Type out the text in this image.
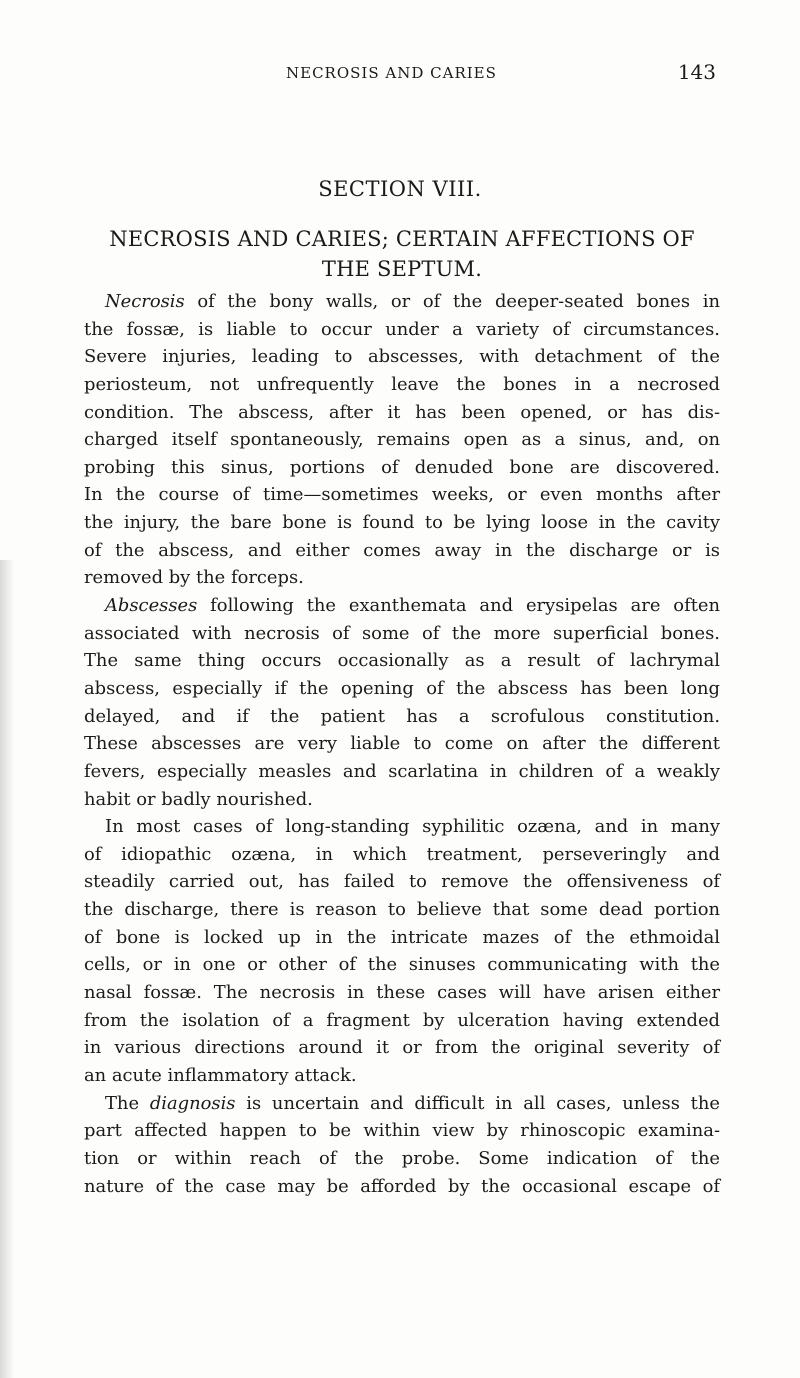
NECROSIS AND CARIES	143
SECTION VIII.
NECROSIS AND CARIES; CERTAIN AFFECTIONS OF
THE SEPTUM.
Necrosis of the bony walls, or of the deeper-seated bones in
the fossæ, is liable to occur under a variety of circumstances.
Severe injuries, leading to abscesses, with detachment of the
periosteum, not unfrequently leave the bones in a necrosed
condition. The abscess, after it has been opened, or has dis-
charged itself spontaneously, remains open as a sinus, and, on
probing this sinus, portions of denuded bone are discovered.
In the course of time—sometimes weeks, or even months after
the injury, the bare bone is found to be lying loose in the cavity
of the abscess, and either comes away in the discharge or is
removed by the forceps.
Abscesses following the exanthemata and erysipelas are often
associated with necrosis of some of the more superficial bones.
The same thing occurs occasionally as a result of lachrymal
abscess, especially if the opening of the abscess has been long
delayed, and if the patient has a scrofulous constitution.
These abscesses are very liable to come on after the different
fevers, especially measles and scarlatina in children of a weakly
habit or badly nourished.
In most cases of long-standing syphilitic ozæna, and in many
of idiopathic ozæna, in which treatment, perseveringly and
steadily carried out, has failed to remove the offensiveness of
the discharge, there is reason to believe that some dead portion
of bone is locked up in the intricate mazes of the ethmoidal
cells, or in one or other of the sinuses communicating with the
nasal fossæ. The necrosis in these cases will have arisen either
from the isolation of a fragment by ulceration having extended
in various directions around it or from the original severity of
an acute inflammatory attack.
The diagnosis is uncertain and difficult in all cases, unless the
part affected happen to be within view by rhinoscopic examina-
tion or within reach of the probe. Some indication of the
nature of the case may be afforded by the occasional escape of
